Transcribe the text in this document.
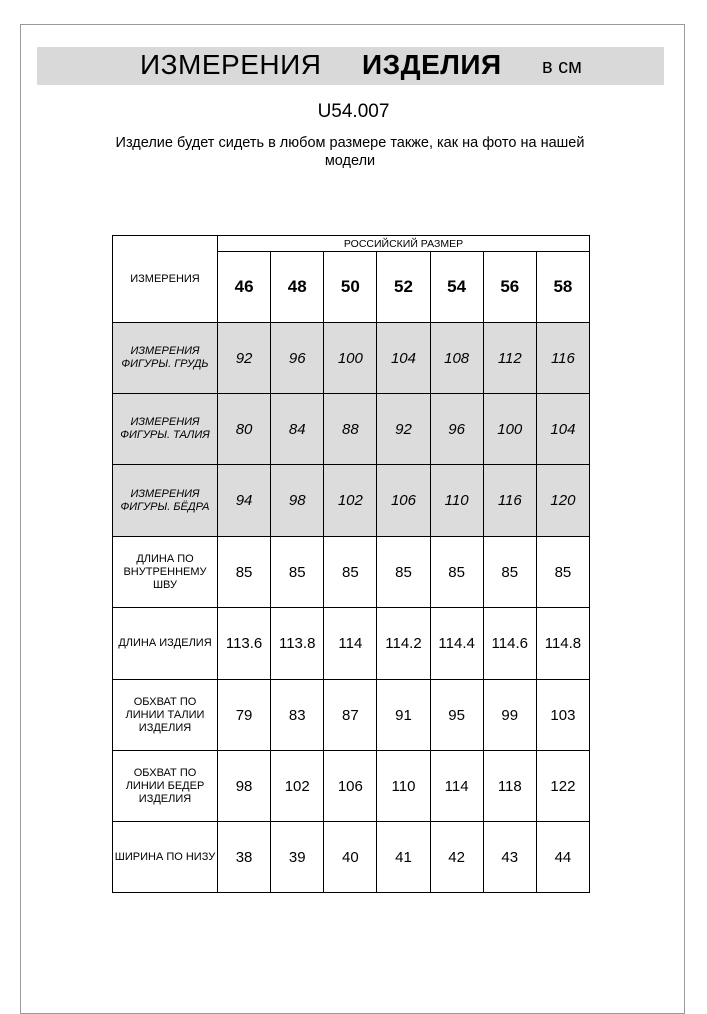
ИЗМЕРЕНИЯ ИЗДЕЛИЯ в см
U54.007
Изделие будет сидеть в любом размере также, как на фото на нашей модели
ИЗМЕРЕНИЯ	РОССИЙСКИЙ РАЗМЕР						
	46	48	50	52	54	56	58
ИЗМЕРЕНИЯ ФИГУРЫ. ГРУДЬ	92	96	100	104	108	112	116
ИЗМЕРЕНИЯ ФИГУРЫ. ТАЛИЯ	80	84	88	92	96	100	104
ИЗМЕРЕНИЯ ФИГУРЫ. БЁДРА	94	98	102	106	110	116	120
ДЛИНА ПО ВНУТРЕННЕМУ ШВУ	85	85	85	85	85	85	85
ДЛИНА ИЗДЕЛИЯ	113.6	113.8	114	114.2	114.4	114.6	114.8
ОБХВАТ ПО ЛИНИИ ТАЛИИ ИЗДЕЛИЯ	79	83	87	91	95	99	103
ОБХВАТ ПО ЛИНИИ БЕДЕР ИЗДЕЛИЯ	98	102	106	110	114	118	122
ШИРИНА ПО НИЗУ	38	39	40	41	42	43	44
